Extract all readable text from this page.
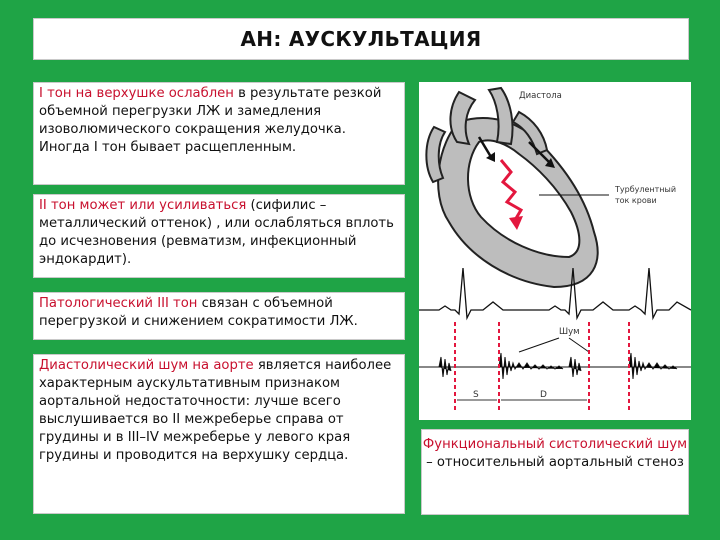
АН: АУСКУЛЬТАЦИЯ
I тон на верхушке ослаблен в результате резкой объемной перегрузки ЛЖ и замедления изоволюмического сокращения желудочка. Иногда I тон бывает расщепленным.
II тон может или усиливаться (сифилис – металлический оттенок) , или ослабляться вплоть до исчезновения (ревматизм, инфекционный эндокардит).
Патологический III тон связан с объемной перегрузкой и снижением сократимости ЛЖ.
Диастолический шум на аорте является наиболее характерным аускультативным признаком аортальной недостаточности: лучше всего выслушивается во II межреберье справа от грудины и в III–IV межреберье у левого края грудины и проводится на верхушку сердца.
Диастола
Турбулентный
ток крови
Шум
S	D
Функциональный систолический шум – относительный аортальный стеноз
